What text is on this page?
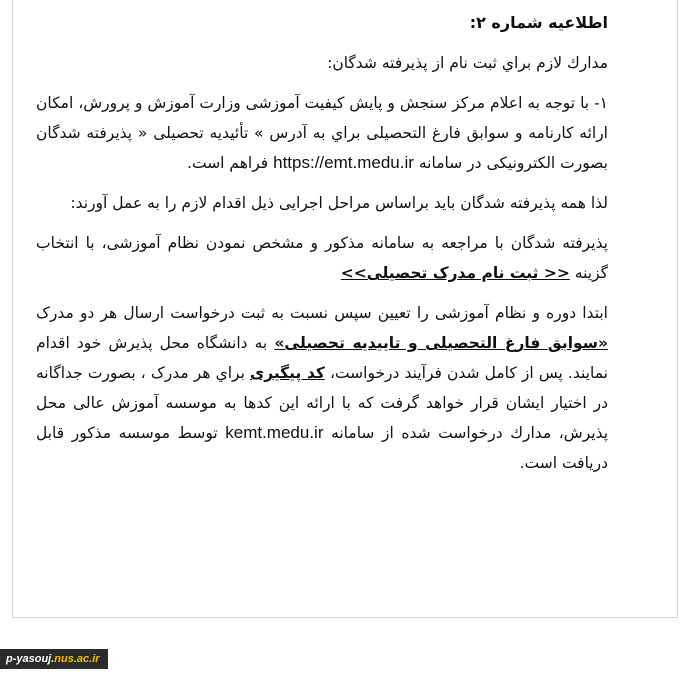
اطلاعیه شماره ۲:

مدارك لازم براي ثبت نام از پذيرفته شدگان:

۱- با توجه به اعلام مرکز سنجش و پایش کیفیت آموزشی وزارت آموزش و پرورش، امکان ارائه کارنامه و سوابق فارغ التحصیلی براي به آدرس » تأئيديه تحصيلی « پذيرفته شدگان بصورت الکترونیکی در سامانه https://emt.medu.ir فراهم است.

لذا همه پذيرفته شدگان باید براساس مراحل اجرایی ذیل اقدام لازم را به عمل آورند:

پذيرفته شدگان با مراجعه به سامانه مذکور و مشخص نمودن نظام آموزشی، با انتخاب گزینه << ثبت نام مدرک تحصیلی>>

ابتدا دوره و نظام آموزشی را تعیین سپس نسبت به ثبت درخواست ارسال هر دو مدرک «سوابق فارغ التحصیلی و تاییدیه تحصیلی» به دانشگاه محل پذیرش خود اقدام نمایند. پس از کامل شدن فرآیند درخواست، کد پیگیری براي هر مدرک ، بصورت جداگانه در اختیار ایشان قرار خواهد گرفت که با ارائه این کدها به موسسه آموزش عالی محل پذیرش، مدارك درخواست شده از سامانه kemt.medu.ir توسط موسسه مذکور قابل دریافت است.

p-yasouj. nus.ac.ir
